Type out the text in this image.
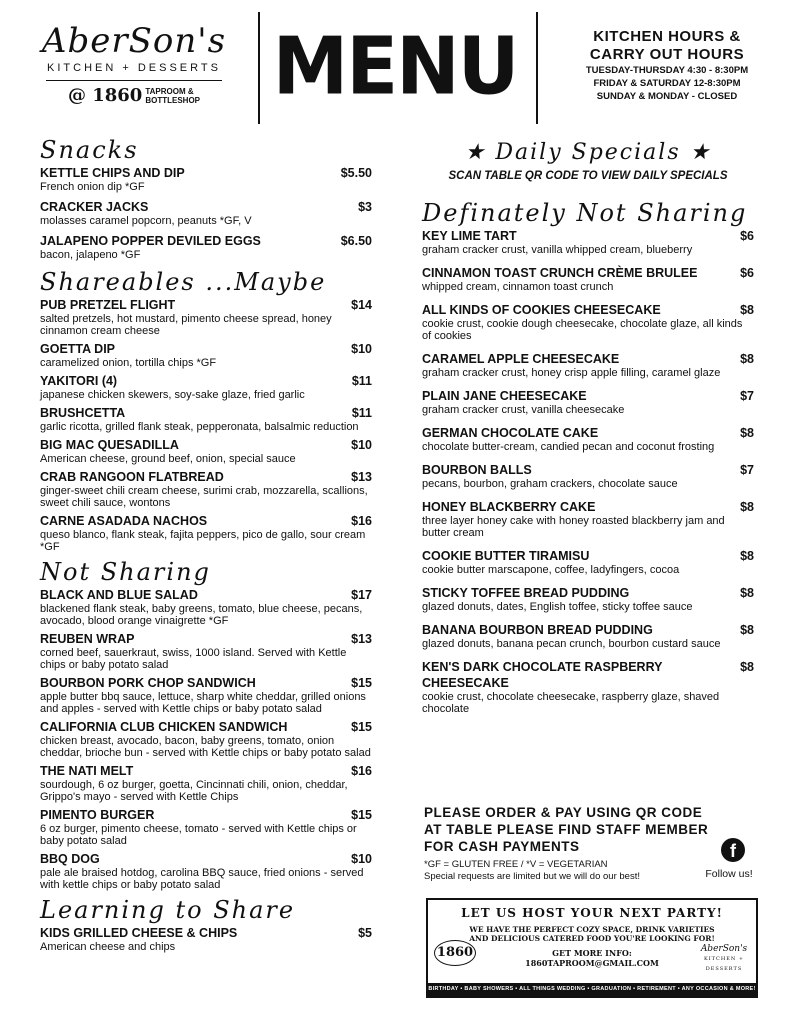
AberSon's
KITCHEN + DESSERTS
@ 1860 TAPROOM &
BOTTLESHOP MENU	KITCHEN HOURS &
CARRY OUT HOURS
TUESDAY-THURSDAY 4:30 - 8:30PM
FRIDAY & SATURDAY 12-8:30PM
SUNDAY & MONDAY - CLOSED
Snacks
KETTLE CHIPS AND DIP	$5.50
French onion dip *GF
CRACKER JACKS	$3
molasses caramel popcorn, peanuts *GF, V
JALAPENO POPPER DEVILED EGGS	$6.50
bacon, jalapeno *GF
Shareables ...Maybe
PUB PRETZEL FLIGHT	$14
salted pretzels, hot mustard, pimento cheese spread, honey cinnamon cream cheese
GOETTA DIP	$10
caramelized onion, tortilla chips *GF
YAKITORI (4)	$11
japanese chicken skewers, soy-sake glaze, fried garlic
BRUSHCETTA	$11
garlic ricotta, grilled flank steak, pepperonata, balsalmic reduction
BIG MAC QUESADILLA	$10
American cheese, ground beef, onion, special sauce
CRAB RANGOON FLATBREAD	$13
ginger-sweet chili cream cheese, surimi crab, mozzarella, scallions, sweet chili sauce, wontons
CARNE ASADADA NACHOS	$16
queso blanco, flank steak, fajita peppers, pico de gallo, sour cream *GF
Not Sharing
BLACK AND BLUE SALAD	$17
blackened flank steak, baby greens, tomato, blue cheese, pecans, avocado, blood orange vinaigrette *GF
REUBEN WRAP	$13
corned beef, sauerkraut, swiss, 1000 island. Served with Kettle chips or baby potato salad
BOURBON PORK CHOP SANDWICH	$15
apple butter bbq sauce, lettuce, sharp white cheddar, grilled onions and apples - served with Kettle chips or baby potato salad
CALIFORNIA CLUB CHICKEN SANDWICH	$15
chicken breast, avocado, bacon, baby greens, tomato, onion cheddar, brioche bun - served with Kettle chips or baby potato salad
THE NATI MELT	$16
sourdough, 6 oz burger, goetta, Cincinnati chili, onion, cheddar, Grippo's mayo - served with Kettle Chips
PIMENTO BURGER	$15
6 oz burger, pimento cheese, tomato - served with Kettle chips or baby potato salad
BBQ DOG	$10
pale ale braised hotdog, carolina BBQ sauce, fried onions - served with kettle chips or baby potato salad
Learning to Share
KIDS GRILLED CHEESE & CHIPS	$5
American cheese and chips
★ Daily Specials ★
SCAN TABLE QR CODE TO VIEW DAILY SPECIALS
Definately Not Sharing
KEY LIME TART	$6
graham cracker crust, vanilla whipped cream, blueberry
CINNAMON TOAST CRUNCH CRÈME BRULEE	$6
whipped cream, cinnamon toast crunch
ALL KINDS OF COOKIES CHEESECAKE	$8
cookie crust, cookie dough cheesecake, chocolate glaze, all kinds of cookies
CARAMEL APPLE CHEESECAKE	$8
graham cracker crust, honey crisp apple filling, caramel glaze
PLAIN JANE CHEESECAKE	$7
graham cracker crust, vanilla cheesecake
GERMAN CHOCOLATE CAKE	$8
chocolate butter-cream, candied pecan and coconut frosting
BOURBON BALLS	$7
pecans, bourbon, graham crackers, chocolate sauce
HONEY BLACKBERRY CAKE	$8
three layer honey cake with honey roasted blackberry jam and butter cream
COOKIE BUTTER TIRAMISU	$8
cookie butter marscapone, coffee, ladyfingers, cocoa
STICKY TOFFEE BREAD PUDDING	$8
glazed donuts, dates, English toffee, sticky toffee sauce
BANANA BOURBON BREAD PUDDING	$8
glazed donuts, banana pecan crunch, bourbon custard sauce
KEN'S DARK CHOCOLATE RASPBERRY CHEESECAKE
$8
cookie crust, chocolate cheesecake, raspberry glaze, shaved chocolate
PLEASE ORDER & PAY USING QR CODE AT TABLE PLEASE FIND STAFF MEMBER FOR CASH PAYMENTS
*GF = GLUTEN FREE / *V = VEGETARIAN
Special requests are limited but we will do our best!
f
Follow us!
LET US HOST YOUR NEXT PARTY!
WE HAVE THE PERFECT COZY SPACE, DRINK VARIETIES
AND DELICIOUS CATERED FOOD YOU'RE LOOKING FOR!
GET MORE INFO:
1860TAPROOM@GMAIL.COM
1860	AberSon's
KITCHEN + DESSERTS
BIRTHDAY • BABY SHOWERS • ALL THINGS WEDDING • GRADUATION • RETIREMENT • ANY OCCASION & MORE!
